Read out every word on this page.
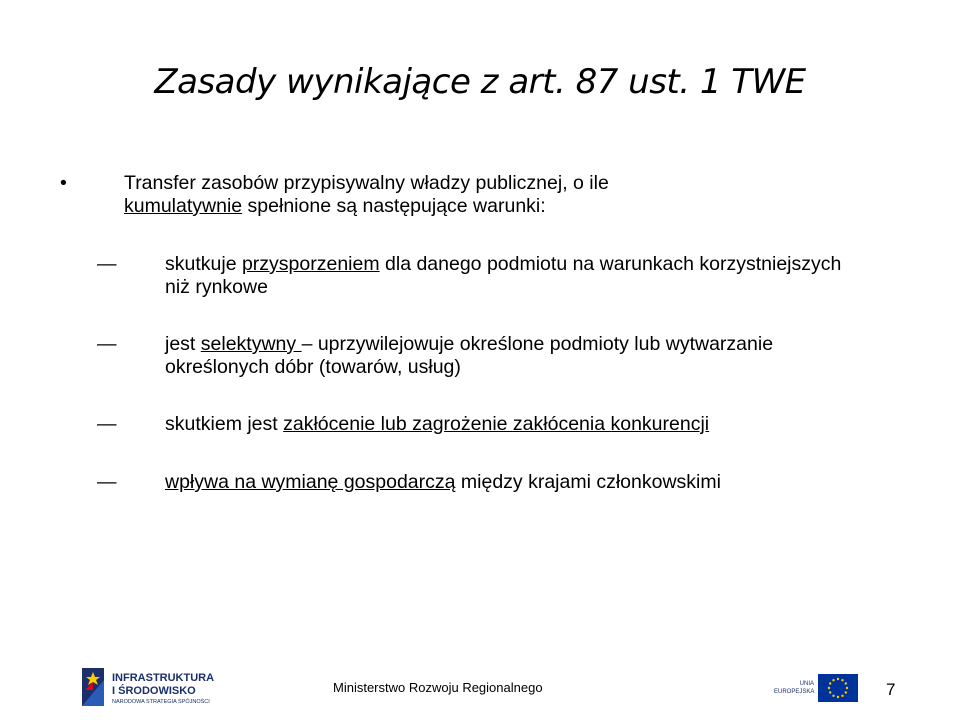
Zasady wynikające z art. 87 ust. 1 TWE
•	Transfer zasobów przypisywalny władzy publicznej, o ile
kumulatywnie spełnione są następujące warunki:
— skutkuje przysporzeniem dla danego podmiotu na warunkach korzystniejszych niż rynkowe
— jest selektywny – uprzywilejowuje określone podmioty lub wytwarzanie określonych dóbr (towarów, usług)
— skutkiem jest zakłócenie lub zagrożenie zakłócenia konkurencji
— wpływa na wymianę gospodarczą między krajami członkowskimi
INFRASTRUKTURA
I ŚRODOWISKO
NARODOWA STRATEGIA SPÓJNOŚCI
Ministerstwo Rozwoju Regionalnego	UNIA
EUROPEJSKA	7
